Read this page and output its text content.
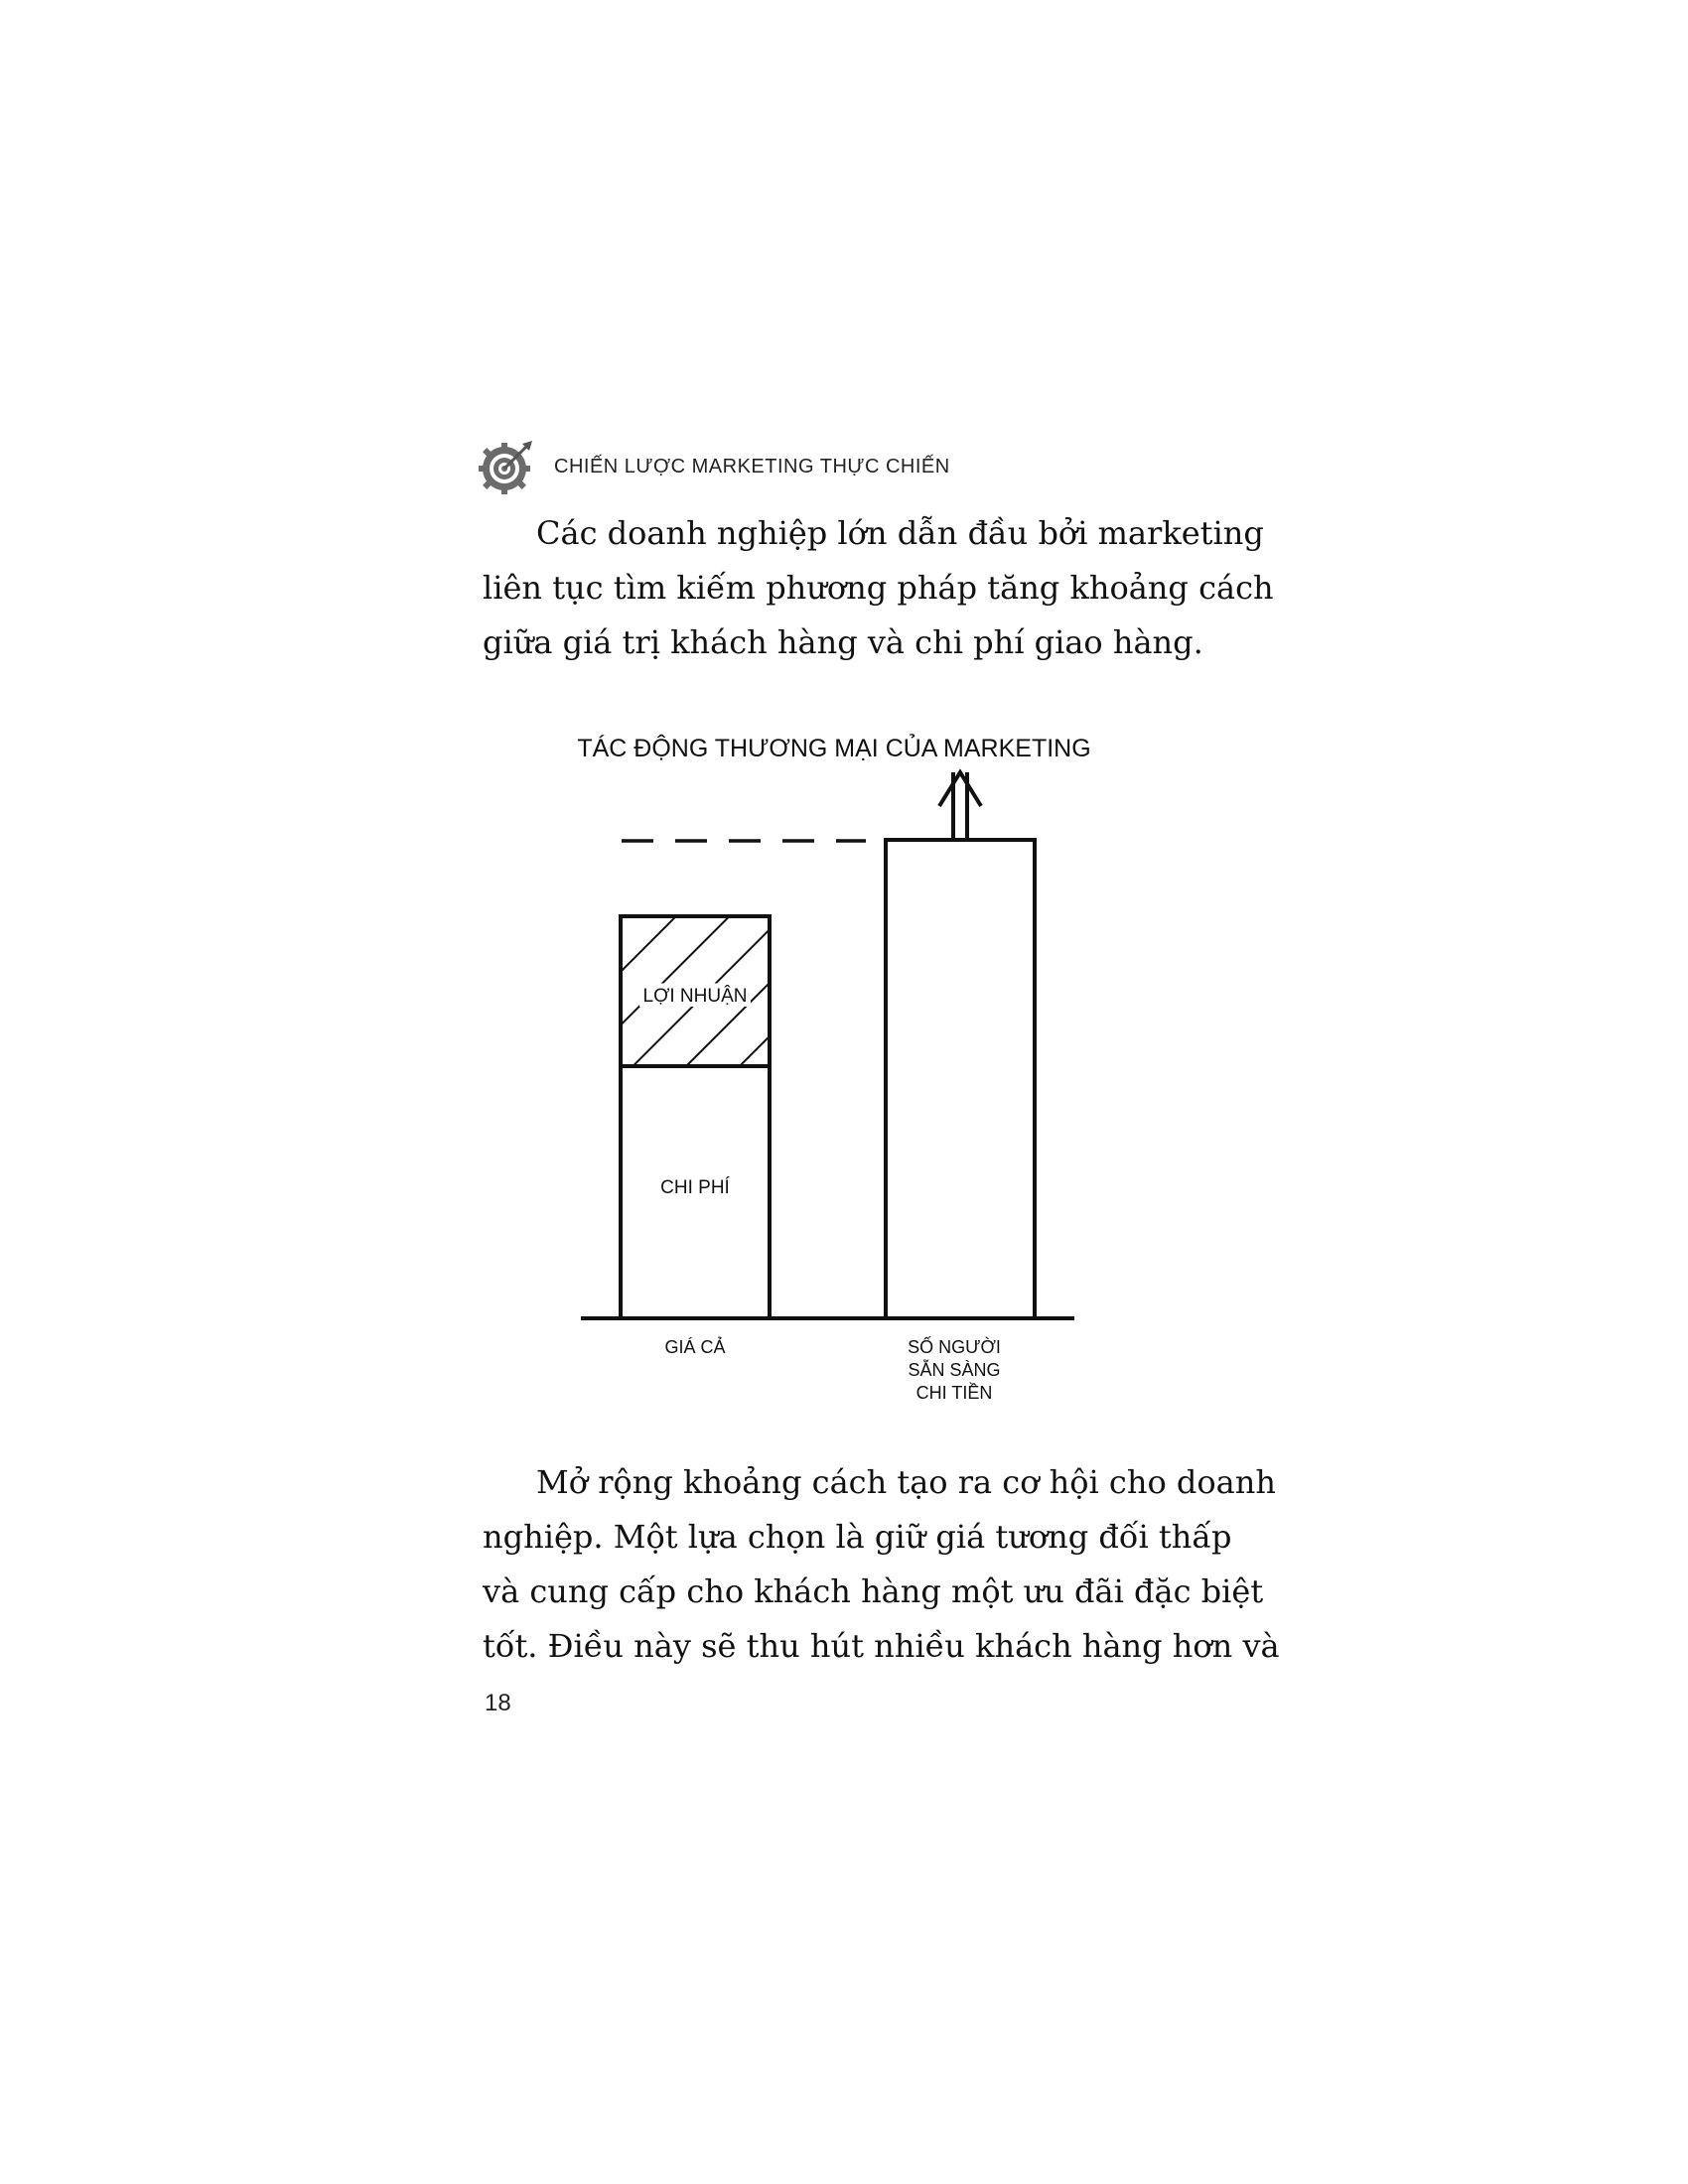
CHIẾN LƯỢC MARKETING THỰC CHIẾN
Các doanh nghiệp lớn dẫn đầu bởi marketing
liên tục tìm kiếm phương pháp tăng khoảng cách
giữa giá trị khách hàng và chi phí giao hàng.
TÁC ĐỘNG THƯƠNG MẠI CỦA MARKETING
LỢI NHUẬN
CHI PHÍ
GIÁ CẢ	SỐ NGƯỜI
SẴN SÀNG
CHI TIỀN
Mở rộng khoảng cách tạo ra cơ hội cho doanh
nghiệp. Một lựa chọn là giữ giá tương đối thấp
và cung cấp cho khách hàng một ưu đãi đặc biệt
tốt. Điều này sẽ thu hút nhiều khách hàng hơn và
18
